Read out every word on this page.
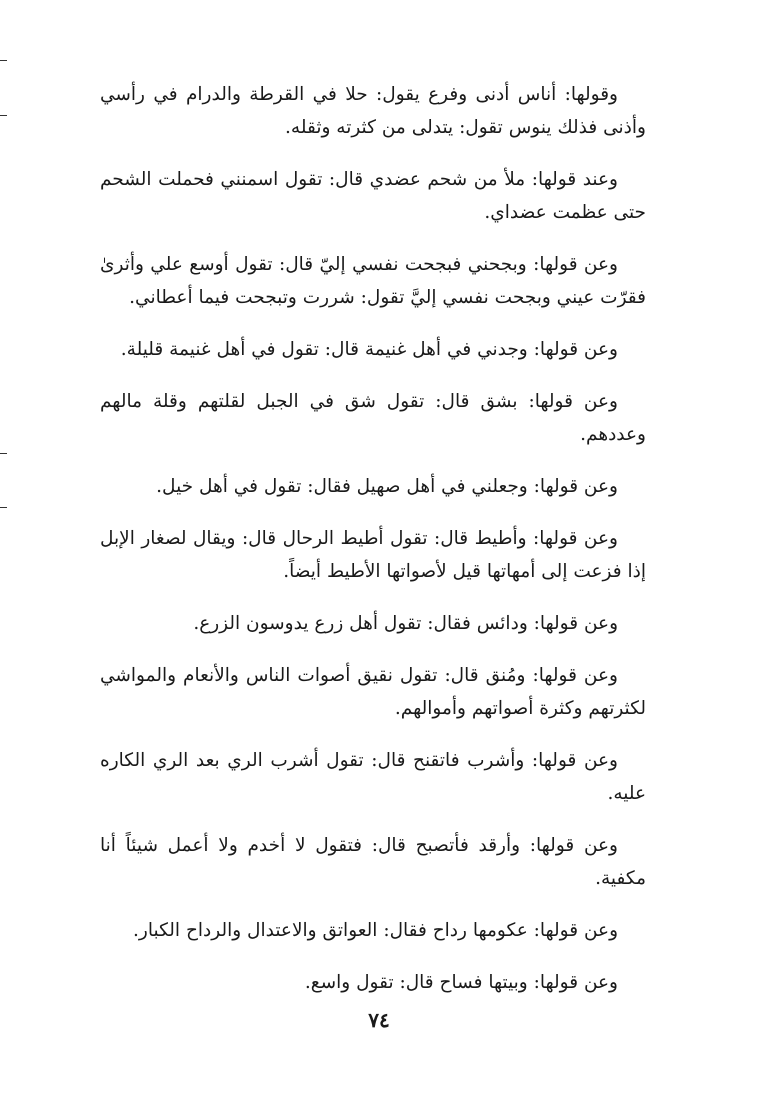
وقولها: أناس أدنى وفرع يقول: حلا في القرطة والدرام في رأسي وأذنى فذلك ينوس تقول: يتدلى من كثرته وثقله.

وعند قولها: ملأ من شحم عضدي قال: تقول اسمنني فحملت الشحم حتى عظمت عضداي.

وعن قولها: وبجحني فبجحت نفسي إليّ قال: تقول أوسع علي وأثرىٰ فقرّت عيني وبجحت نفسي إليَّ تقول: شررت وتبجحت فيما أعطاني.

وعن قولها: وجدني في أهل غنيمة قال: تقول في أهل غنيمة قليلة.

وعن قولها: بشق قال: تقول شق في الجبل لقلتهم وقلة مالهم وعددهم.

وعن قولها: وجعلني في أهل صهيل فقال: تقول في أهل خيل.

وعن قولها: وأطيط قال: تقول أطيط الرحال قال: ويقال لصغار الإبل إذا فزعت إلى أمهاتها قيل لأصواتها الأطيط أيضاً.

وعن قولها: ودائس فقال: تقول أهل زرع يدوسون الزرع.

وعن قولها: ومُنق قال: تقول نقيق أصوات الناس والأنعام والمواشي لكثرتهم وكثرة أصواتهم وأموالهم.

وعن قولها: وأشرب فاتقنح قال: تقول أشرب الري بعد الري الكاره عليه.

وعن قولها: وأرقد فأتصبح قال: فتقول لا أخدم ولا أعمل شيئاً أنا مكفية.

وعن قولها: عكومها رداح فقال: العواتق والاعتدال والرداح الكبار.

وعن قولها: وبيتها فساح قال: تقول واسع.

٧٤
